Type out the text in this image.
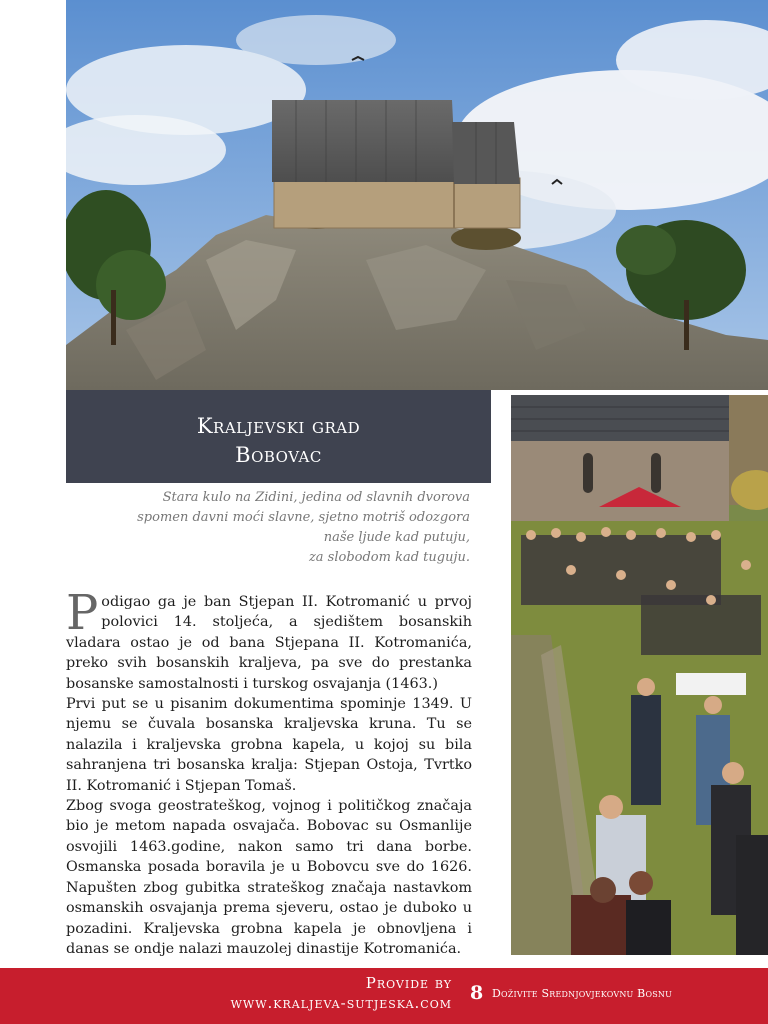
Kraljevski grad
Bobovac
Stara kulo na Zidini, jedina od slavnih dvorova
spomen davni moći slavne, sjetno motriš odozgora
naše ljude kad putuju,
za slobodom kad tuguju.

Podigao ga je ban Stjepan II. Kotromanić u prvoj polovici 14. stoljeća, a sjedištem bosanskih vladara ostao je od bana Stjepana II. Kotromanića, preko svih bosanskih kraljeva, pa sve do prestanka bosanske samostalnosti i turskog osvajanja (1463.)

Prvi put se u pisanim dokumentima spominje 1349. U njemu se čuvala bosanska kraljevska kruna. Tu se nalazila i kraljevska grobna kapela, u kojoj su bila sahranjena tri bosanska kralja: Stjepan Ostoja, Tvrtko II. Kotromanić i Stjepan Tomaš.

Zbog svoga geostrateškog, vojnog i političkog značaja bio je metom napada osvajača. Bobovac su Osmanlije osvojili 1463.godine, nakon samo tri dana borbe. Osmanska posada boravila je u Bobovcu sve do 1626. Napušten zbog gubitka strateškog značaja nastavkom osmanskih osvajanja prema sjeveru, ostao je duboko u pozadini. Kraljevska grobna kapela je obnovljena i danas se ondje nalazi mauzolej dinastije Kotromanića.

Provide by
www.kraljeva-sutjeska.com 8 Doživite Srednjovjekovnu Bosnu
